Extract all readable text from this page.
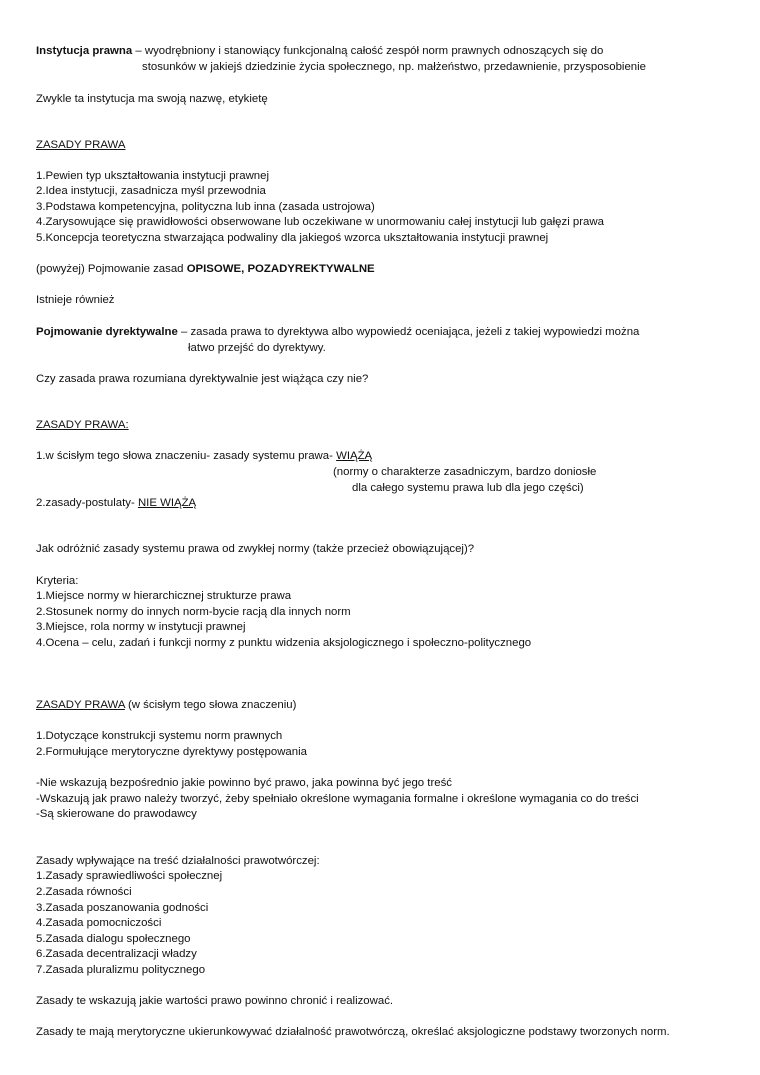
Instytucja prawna – wyodrębniony i stanowiący funkcjonalną całość zespół norm prawnych odnoszących się do
stosunków w jakiejś dziedzinie życia społecznego, np. małżeństwo, przedawnienie, przysposobienie
Zwykle ta instytucja ma swoją nazwę, etykietę
ZASADY PRAWA
1.Pewien typ ukształtowania instytucji prawnej
2.Idea instytucji, zasadnicza myśl przewodnia
3.Podstawa kompetencyjna, polityczna lub inna (zasada ustrojowa)
4.Zarysowujące się prawidłowości obserwowane lub oczekiwane w unormowaniu całej instytucji lub gałęzi prawa
5.Koncepcja teoretyczna stwarzająca podwaliny dla jakiegoś wzorca ukształtowania instytucji prawnej
(powyżej) Pojmowanie zasad OPISOWE, POZADYREKTYWALNE
Istnieje również
Pojmowanie dyrektywalne – zasada prawa to dyrektywa albo wypowiedź oceniająca, jeżeli z takiej wypowiedzi można
łatwo przejść do dyrektywy.
Czy zasada prawa rozumiana dyrektywalnie jest wiążąca czy nie?
ZASADY PRAWA:
1.w ścisłym tego słowa znaczeniu- zasady systemu prawa- WIĄŻĄ
(normy o charakterze zasadniczym, bardzo doniosłe
dla całego systemu prawa lub dla jego części)
2.zasady-postulaty- NIE WIĄŻĄ
Jak odróżnić zasady systemu prawa od zwykłej normy (także przecież obowiązującej)?
Kryteria:
1.Miejsce normy w hierarchicznej strukturze prawa
2.Stosunek normy do innych norm-bycie racją dla innych norm
3.Miejsce, rola normy w instytucji prawnej
4.Ocena – celu, zadań i funkcji normy z punktu widzenia aksjologicznego i społeczno-politycznego
ZASADY PRAWA (w ścisłym tego słowa znaczeniu)
1.Dotyczące konstrukcji systemu norm prawnych
2.Formułujące merytoryczne dyrektywy postępowania
-Nie wskazują bezpośrednio jakie powinno być prawo, jaka powinna być jego treść
-Wskazują jak prawo należy tworzyć, żeby spełniało określone wymagania formalne i określone wymagania co do treści
-Są skierowane do prawodawcy
Zasady wpływające na treść działalności prawotwórczej:
1.Zasady sprawiedliwości społecznej
2.Zasada równości
3.Zasada poszanowania godności
4.Zasada pomocniczości
5.Zasada dialogu społecznego
6.Zasada decentralizacji władzy
7.Zasada pluralizmu politycznego
Zasady te wskazują jakie wartości prawo powinno chronić i realizować.
Zasady te mają merytoryczne ukierunkowywać działalność prawotwórczą, określać aksjologiczne podstawy tworzonych norm.
